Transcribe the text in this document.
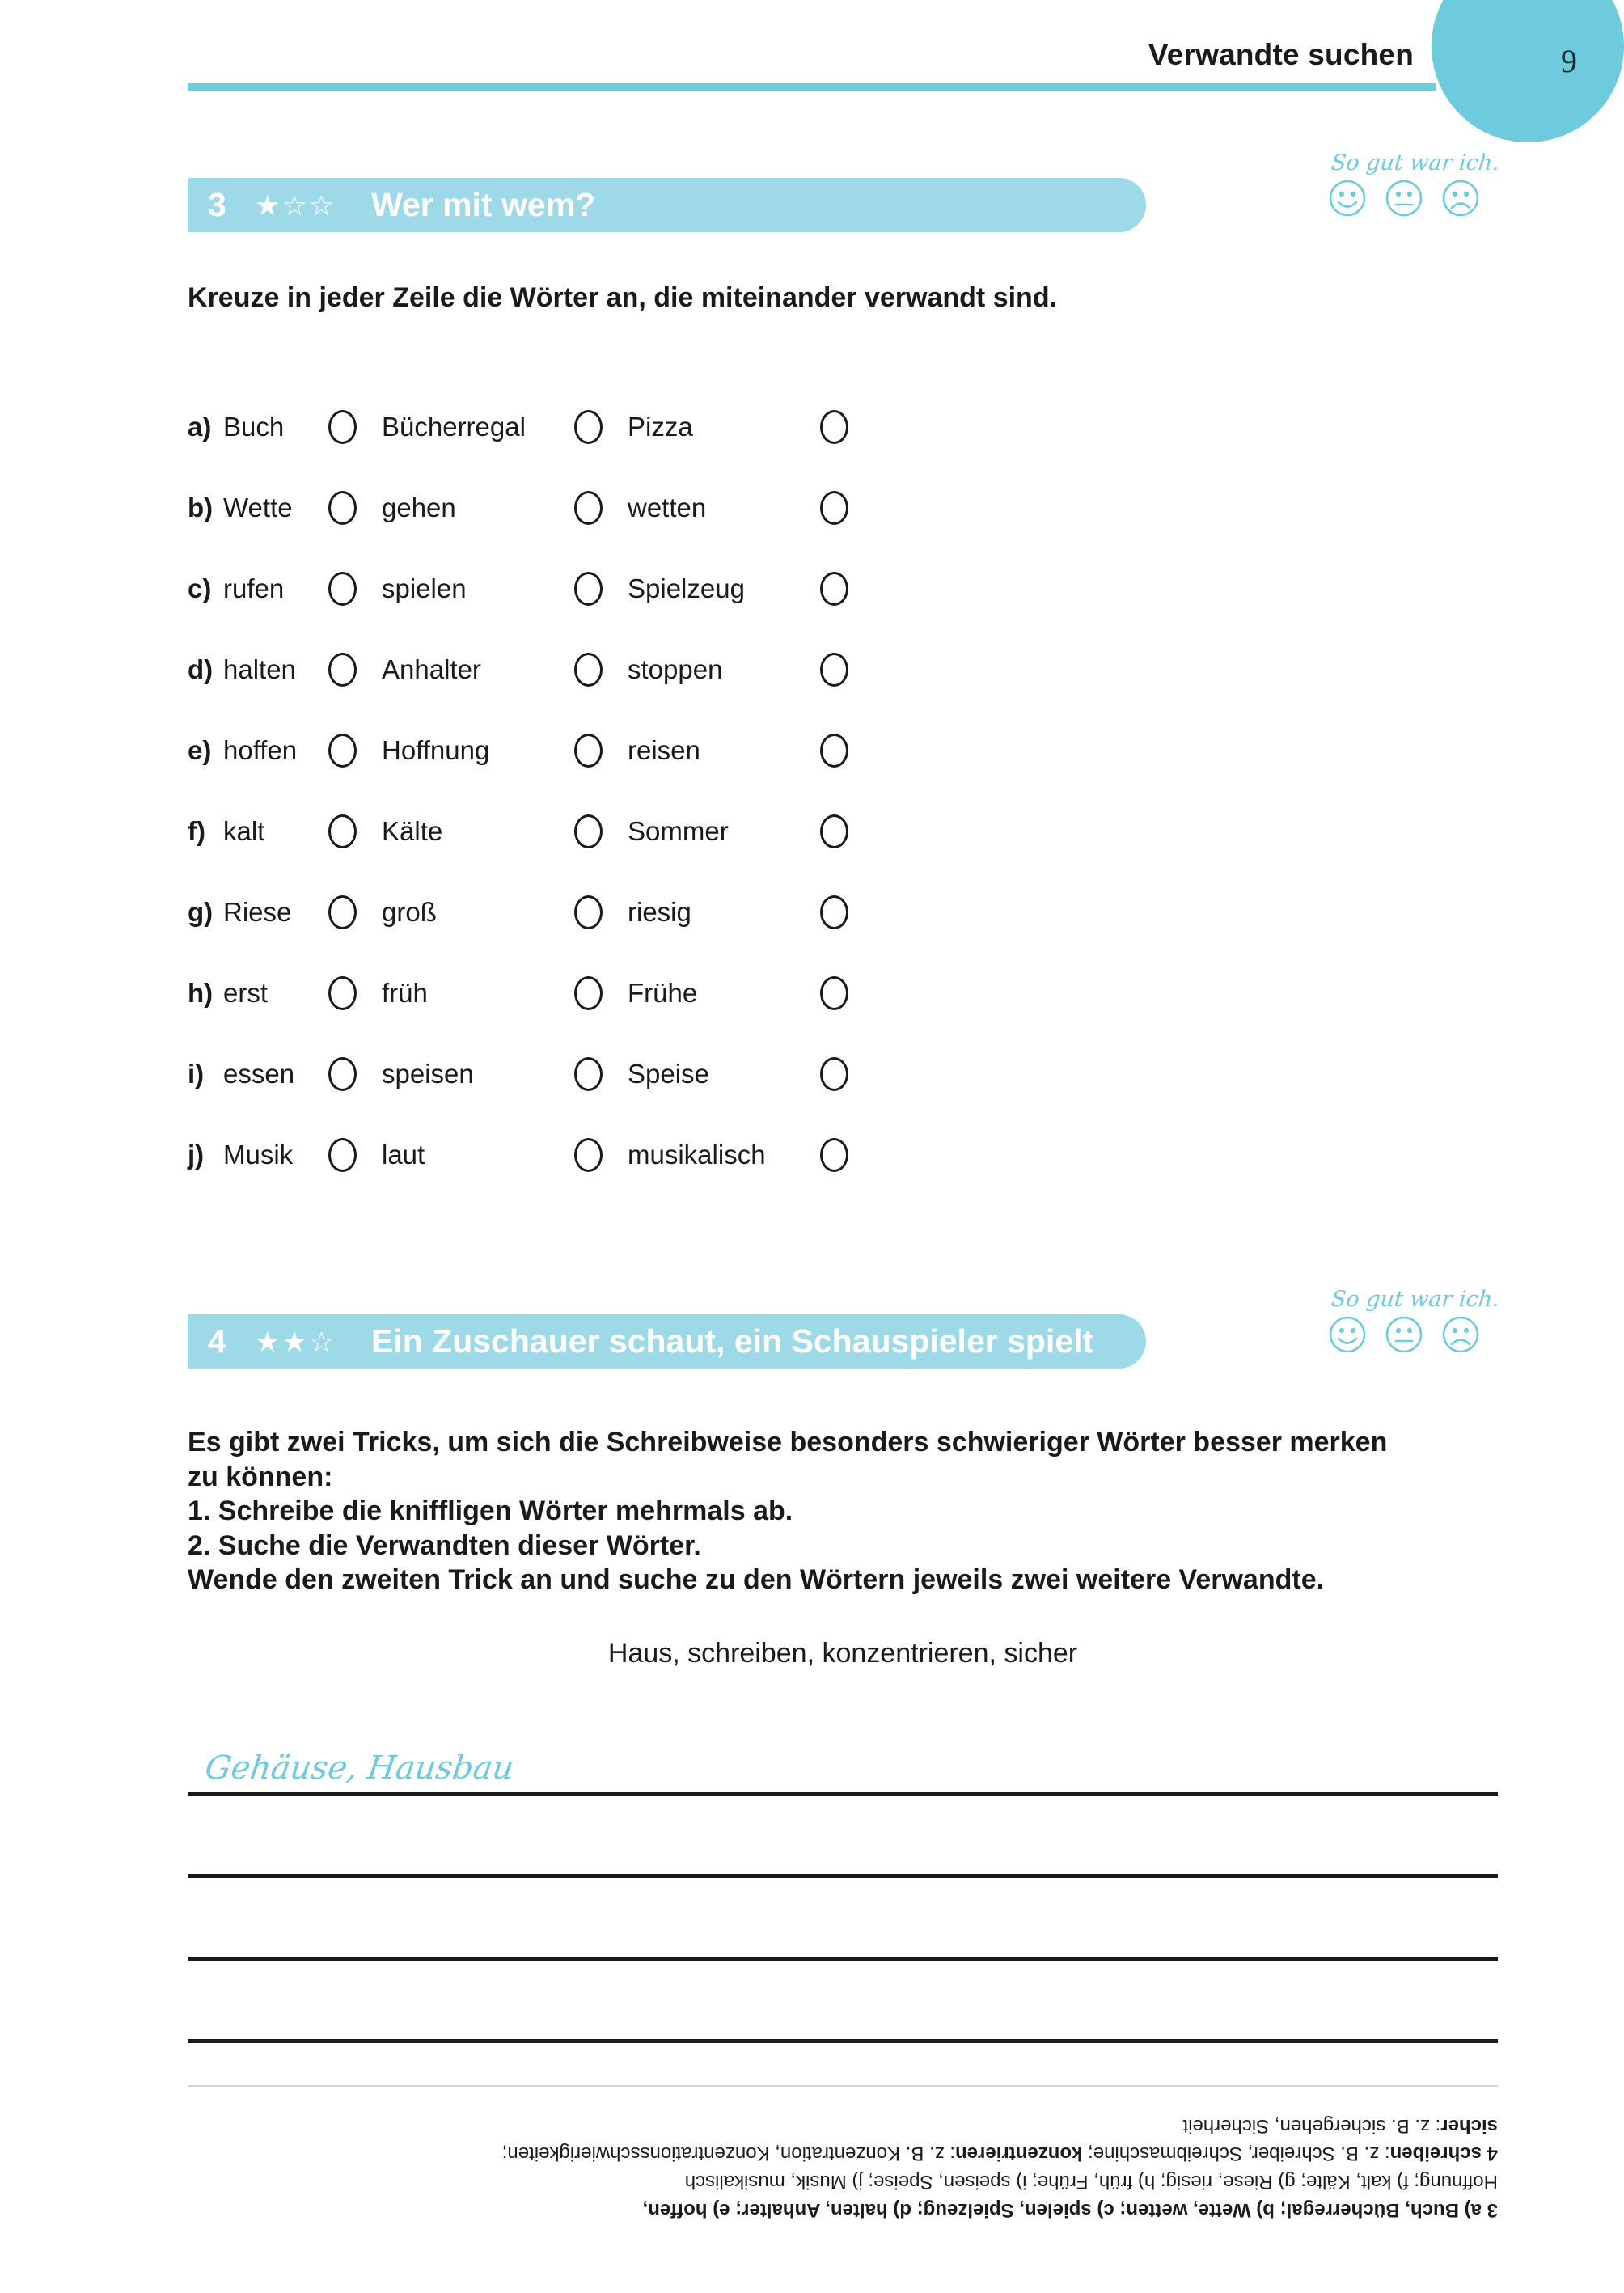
9
Verwandte suchen
3	★☆☆	Wer mit wem?
So gut war ich.
Kreuze in jeder Zeile die Wörter an, die miteinander verwandt sind.
a)	Buch		Bücherregal		Pizza	
b)	Wette		gehen		wetten	
c)	rufen		spielen		Spielzeug	
d)	halten		Anhalter		stoppen	
e)	hoffen		Hoffnung		reisen	
f)	kalt		Kälte		Sommer	
g)	Riese		groß		riesig	
h)	erst		früh		Frühe	
i)	essen		speisen		Speise	
j)	Musik		laut		musikalisch	
4	★★☆	Ein Zuschauer schaut, ein Schauspieler spielt
So gut war ich.
Es gibt zwei Tricks, um sich die Schreibweise besonders schwieriger Wörter besser merken
zu können:
1. Schreibe die kniffligen Wörter mehrmals ab.
2. Suche die Verwandten dieser Wörter.
Wende den zweiten Trick an und suche zu den Wörtern jeweils zwei weitere Verwandte.
Haus, schreiben, konzentrieren, sicher
Gehäuse, Hausbau
3 a) Buch, Bücherregal; b) Wette, wetten; c) spielen, Spielzeug; d) halten, Anhalter; e) hoffen,
Hoffnung; f) kalt, Kälte; g) Riese, riesig; h) früh, Frühe; i) speisen, Speise; j) Musik, musikalisch
4 schreiben: z. B. Schreiber, Schreibmaschine; konzentrieren: z. B. Konzentration, Konzentrationsschwierigkeiten;
sicher: z. B. sichergehen, Sicherheit
